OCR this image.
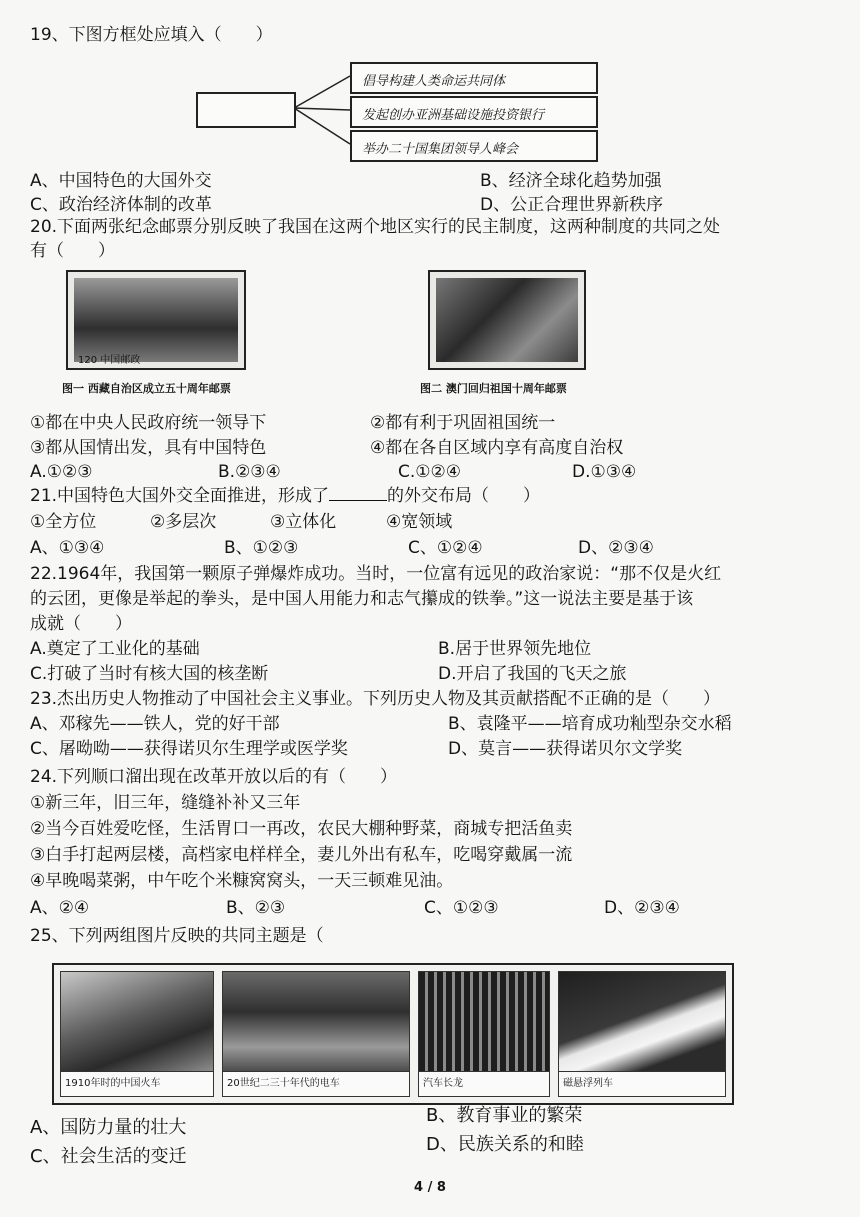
19、下图方框处应填入（　　）
倡导构建人类命运共同体
发起创办亚洲基础设施投资银行
举办二十国集团领导人峰会
A、中国特色的大国外交	B、经济全球化趋势加强
C、政治经济体制的改革	D、公正合理世界新秩序
20.下面两张纪念邮票分别反映了我国在这两个地区实行的民主制度，这两种制度的共同之处
有（　　）
120 中国邮政
图一 西藏自治区成立五十周年邮票	图二 澳门回归祖国十周年邮票
①都在中央人民政府统一领导下	②都有利于巩固祖国统一
③都从国情出发，具有中国特色	④都在各自区域内享有高度自治权
A.①②③	B.②③④	C.①②④	D.①③④
21.中国特色大国外交全面推进，形成了	的外交布局（　　）
①全方位	②多层次	③立体化	④宽领域
A、①③④	B、①②③	C、①②④	D、②③④
22.1964年，我国第一颗原子弹爆炸成功。当时，一位富有远见的政治家说：“那不仅是火红
的云团，更像是举起的拳头，是中国人用能力和志气攥成的铁拳。”这一说法主要是基于该
成就（　　）
A.奠定了工业化的基础	B.居于世界领先地位
C.打破了当时有核大国的核垄断	D.开启了我国的飞天之旅
23.杰出历史人物推动了中国社会主义事业。下列历史人物及其贡献搭配不正确的是（　　）
A、邓稼先——铁人，党的好干部	B、袁隆平——培育成功籼型杂交水稻
C、屠呦呦——获得诺贝尔生理学或医学奖	D、莫言——获得诺贝尔文学奖
24.下列顺口溜出现在改革开放以后的有（　　）
①新三年，旧三年，缝缝补补又三年
②当今百姓爱吃怪，生活胃口一再改，农民大棚种野菜，商城专把活鱼卖
③白手打起两层楼，高档家电样样全，妻儿外出有私车，吃喝穿戴属一流
④早晚喝菜粥，中午吃个米糠窝窝头，一天三顿难见油。
A、②④	B、②③	C、①②③	D、②③④
25、下列两组图片反映的共同主题是（
1910年时的中国火车	20世纪二三十年代的电车	汽车长龙	磁悬浮列车
A、国防力量的壮大
B、教育事业的繁荣
C、社会生活的变迁
D、民族关系的和睦
4 / 8
